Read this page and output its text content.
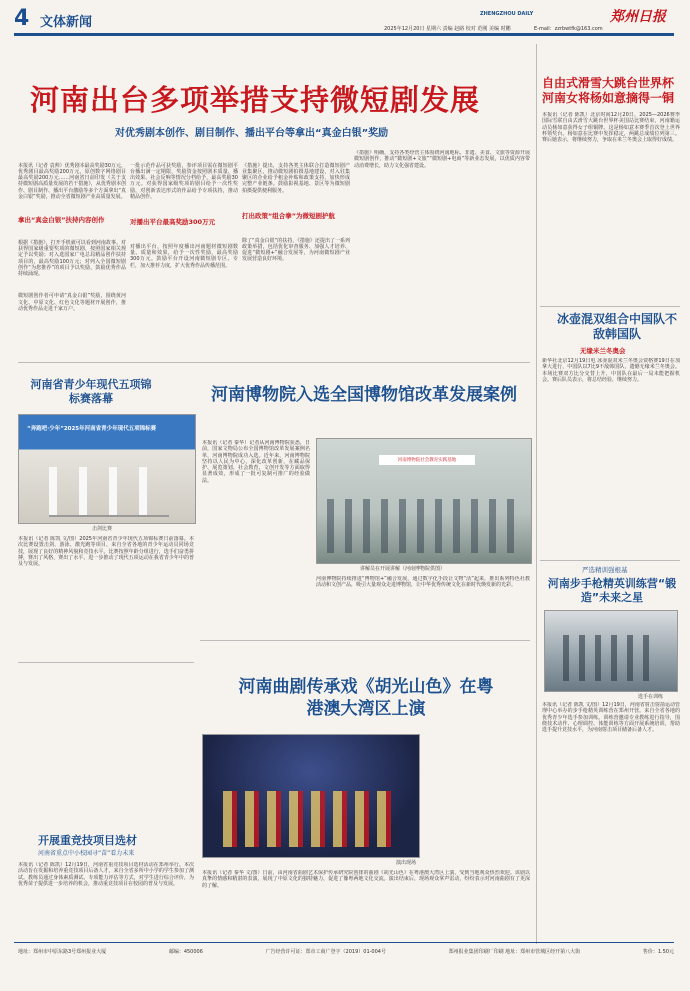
4 文体新闻
ZHENGZHOU DAILY	郑州日报
2025年12月20日 星期六 责编 赵路 校对 范刚 美编 时鹏	E-mail：zzrbwtfk@163.com
河南出台多项举措支持微短剧发展
对优秀剧本创作、剧目制作、播出平台等拿出“真金白银”奖励

本报讯（记者 袁帅）优秀剧本最高奖励30万元，优秀剧目最高奖励200万元，原创数字网络剧目最高奖励200万元……河南省日前印发《关于支持微短剧高质量发展的若干措施》，从优秀剧本创作、剧目制作、播出平台激励等多个方面拿出“真金白银”奖励，推动全省微短剧产业高质量发展。

拿出“真金白银”扶持内容创作

根据《措施》，打开手机就可以看到河南故事。对获得国家级重要奖项的微短剧，按照国家相关规定予以奖励；对入选国家广电总局精品创作扶持项目的，最高奖励100万元；对列入全国微短剧创作“为您推荐”的项目予以奖励，鼓励优秀作品持续涌现。

微短剧创作者可申请“真金白银”奖励，围绕黄河文化、中原文化、红色文化等题材开展创作，推动优秀作品走进千家万户。

一批示范作品可获奖励，参评项目需在微短剧平台播出满一定期限，奖励资金按照剧本质量、播出效果、社会反响等情况分档给予，最高奖励30万元。对获得国家级奖项的剧目给予一次性奖励，对创新表达形式的作品给予专项扶持，推动精品创作。

对播出平台最高奖励300万元

对播出平台，按照年度播出河南题材微短剧数量、质量和效果，给予一次性奖励，最高奖励300万元。鼓励平台开设河南微短剧专区、专栏，加大推荐力度，扩大优秀作品传播范围。

《措施》提出，支持各类主体联合打造微短剧产业集聚区，推动微短剧拍摄基地建设，对入驻集聚区的企业给予租金补贴和政策支持，加快形成完整产业链条。鼓励影视基地、景区等为微短剧拍摄提供便利服务。

打出政策“组合拳”为微短剧护航

除了“真金白银”的扶持，《措施》还提出了一系列政策举措，包括优化审查服务、加强人才培养、促进“微短剧+”融合发展等，为河南微短剧产业发展营造良好环境。

《措施》明确，支持各类经营主体围绕河南地标、非遗、美食、文旅等资源开展微短剧创作，推动“微短剧+文旅”“微短剧+电商”等新业态发展，以优质内容带动消费增长，助力文化强省建设。
自由式滑雪大跳台世界杯河南女将杨如意摘得一铜
本报讯（记者 陈凯）北京时间12月20日，2025—2026赛季国际雪联自由式滑雪大跳台世界杯美国站比赛结束，河南籍运动员杨如意获得女子组铜牌。这是杨如意本赛季首次登上世界杯领奖台。杨如意在比赛中发挥稳定，两跳总成绩位列第三。赛后她表示，将继续努力，争取在米兰冬奥会上取得好成绩。
冰壶混双组合中国队不敌韩国队
无缘米兰冬奥会
新华社北京12月19日电 冰壶混双米兰冬奥会资格赛19日在加拿大进行，中国队以7比9不敌韩国队，遗憾无缘米兰冬奥会。本场比赛双方比分交替上升，中国队在最后一局未能把握机会。赛后队员表示，将总结经验，继续努力。
严选精训强根基
河南步手枪精英训练营“锻造”未来之星
选手在训练
本报讯（记者 陈凯 文/图）12月19日，河南省射击射箭运动管理中心举办的步手枪精英训练营在郑州开营。来自全省各地的优秀青少年选手参加训练。训练营邀请专业教练进行指导，围绕技术动作、心理调控、体能训练等方面开展系统培训，帮助选手提升竞技水平，为河南射击项目储备后备人才。
河南省青少年现代五项锦标赛落幕
“奔跑吧·少年”2025年河南省青少年现代五项锦标赛
击剑比赛
本报讯（记者 陈凯 文/图）2025年河南省青少年现代五项锦标赛日前落幕。本次比赛设置击剑、游泳、激光跑等项目，来自全省各地的青少年运动员同场竞技，展现了良好的精神风貌和竞技水平。比赛按照年龄分组进行，选手们奋勇拼搏，赛出了风格，赛出了水平，进一步推动了现代五项运动在我省青少年中的普及与发展。
河南博物院入选全国博物馆改革发展案例
本报讯（记者 秦华）记者从河南博物院获悉，日前，国家文物局公布全国博物馆改革发展案例名单，河南博物院成功入选。近年来，河南博物院坚持以人民为中心，深化改革创新，在藏品保护、展览策划、社会教育、文创开发等方面取得显著成效，形成了一批可复制可推广的经验做法。
河南博物院社会教育实践基地
讲解员在开展讲解（河南博物院供图）
河南博物院持续推进“博物馆+”融合发展，通过数字化手段让文物“活”起来，推出系列特色社教活动和文创产品，吸引大量观众走进博物馆，让中华优秀传统文化在新时代焕发新的光彩。
河南曲剧传承戏《胡光山色》在粤港澳大湾区上演
演出现场
本报讯（记者 秦华 文/图）日前，由河南省曲剧艺术保护传承研究院创排的曲剧《胡光山色》在粤港澳大湾区上演，受到当地观众热烈欢迎。该剧以真挚的情感和精湛的表演，展现了中原文化的独特魅力，促进了豫粤两地文化交流。演出结束后，现场观众掌声雷动，纷纷表示对河南曲剧有了更深的了解。
开展重竞技项目选材
河南省重点中小校园寻“苗”看力未来
本报讯（记者 陈凯）12月19日，河南省重竞技项目选材活动在郑州举行。本次活动旨在发掘和培养重竞技项目后备人才，来自全省多所中小学的学生参加了测试。教练员通过身体素质测试、专项能力评估等方式，对学生进行综合评价，为优秀苗子提供进一步培养的机会，推动重竞技项目在校园的普及与发展。
地址：郑州市中原东路3号郑州报业大厦	邮编：450006	广告经营许可证：郑市工商广登字（2019）01-004号	郑州报业集团印刷厂印刷 地址：郑州市管城区经开第八大街	售价：1.50元
